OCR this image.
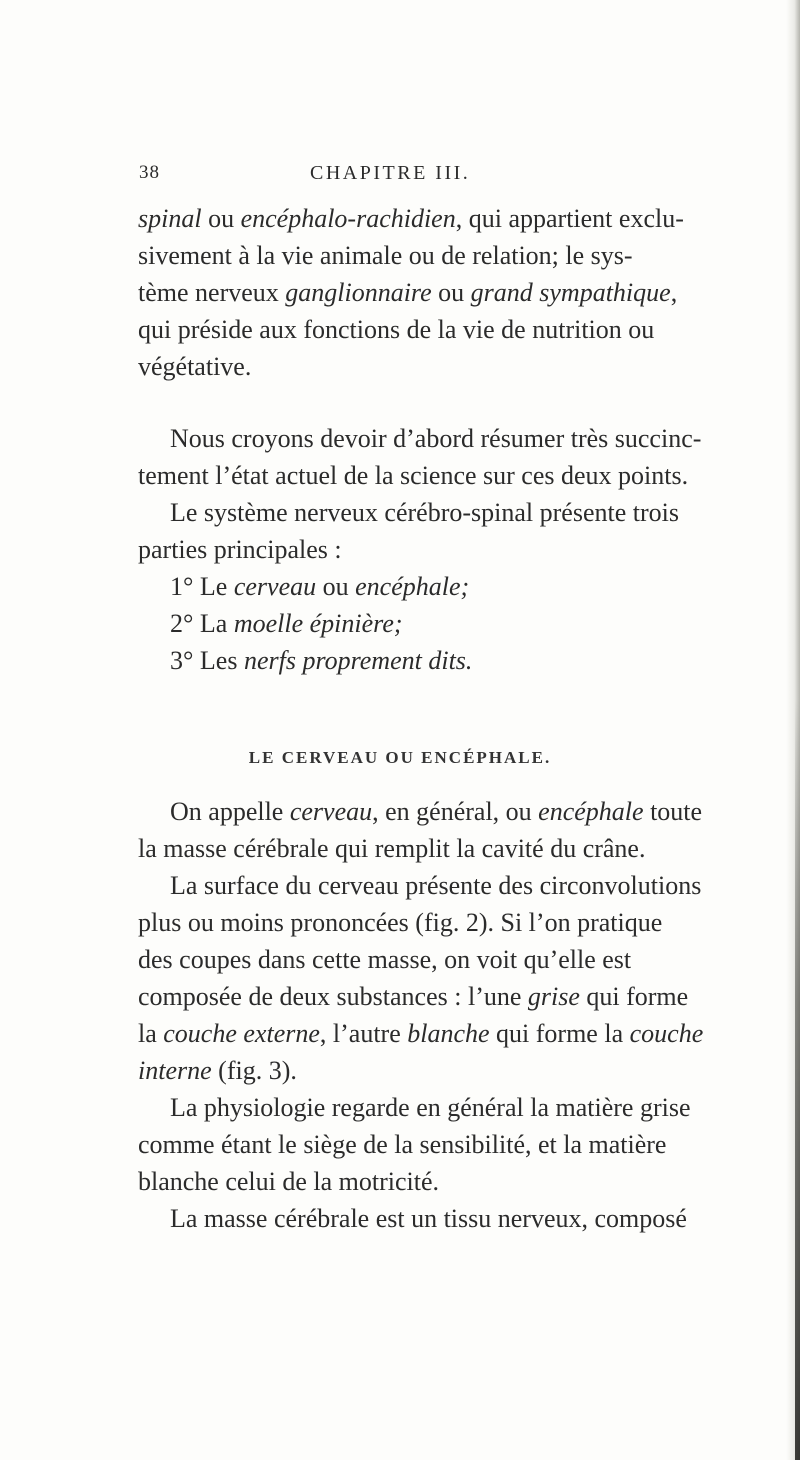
38	CHAPITRE III.
spinal ou encéphalo-rachidien, qui appartient exclu-
sivement à la vie animale ou de relation; le sys-
tème nerveux ganglionnaire ou grand sympathique,
qui préside aux fonctions de la vie de nutrition ou
végétative.
Nous croyons devoir d’abord résumer très succinc-
tement l’état actuel de la science sur ces deux points.
Le système nerveux cérébro-spinal présente trois
parties principales :
1° Le cerveau ou encéphale;
2° La moelle épinière;
3° Les nerfs proprement dits.
LE CERVEAU OU ENCÉPHALE.
On appelle cerveau, en général, ou encéphale toute
la masse cérébrale qui remplit la cavité du crâne.
La surface du cerveau présente des circonvolutions
plus ou moins prononcées (fig. 2). Si l’on pratique
des coupes dans cette masse, on voit qu’elle est
composée de deux substances : l’une grise qui forme
la couche externe, l’autre blanche qui forme la couche
interne (fig. 3).
La physiologie regarde en général la matière grise
comme étant le siège de la sensibilité, et la matière
blanche celui de la motricité.
La masse cérébrale est un tissu nerveux, composé
